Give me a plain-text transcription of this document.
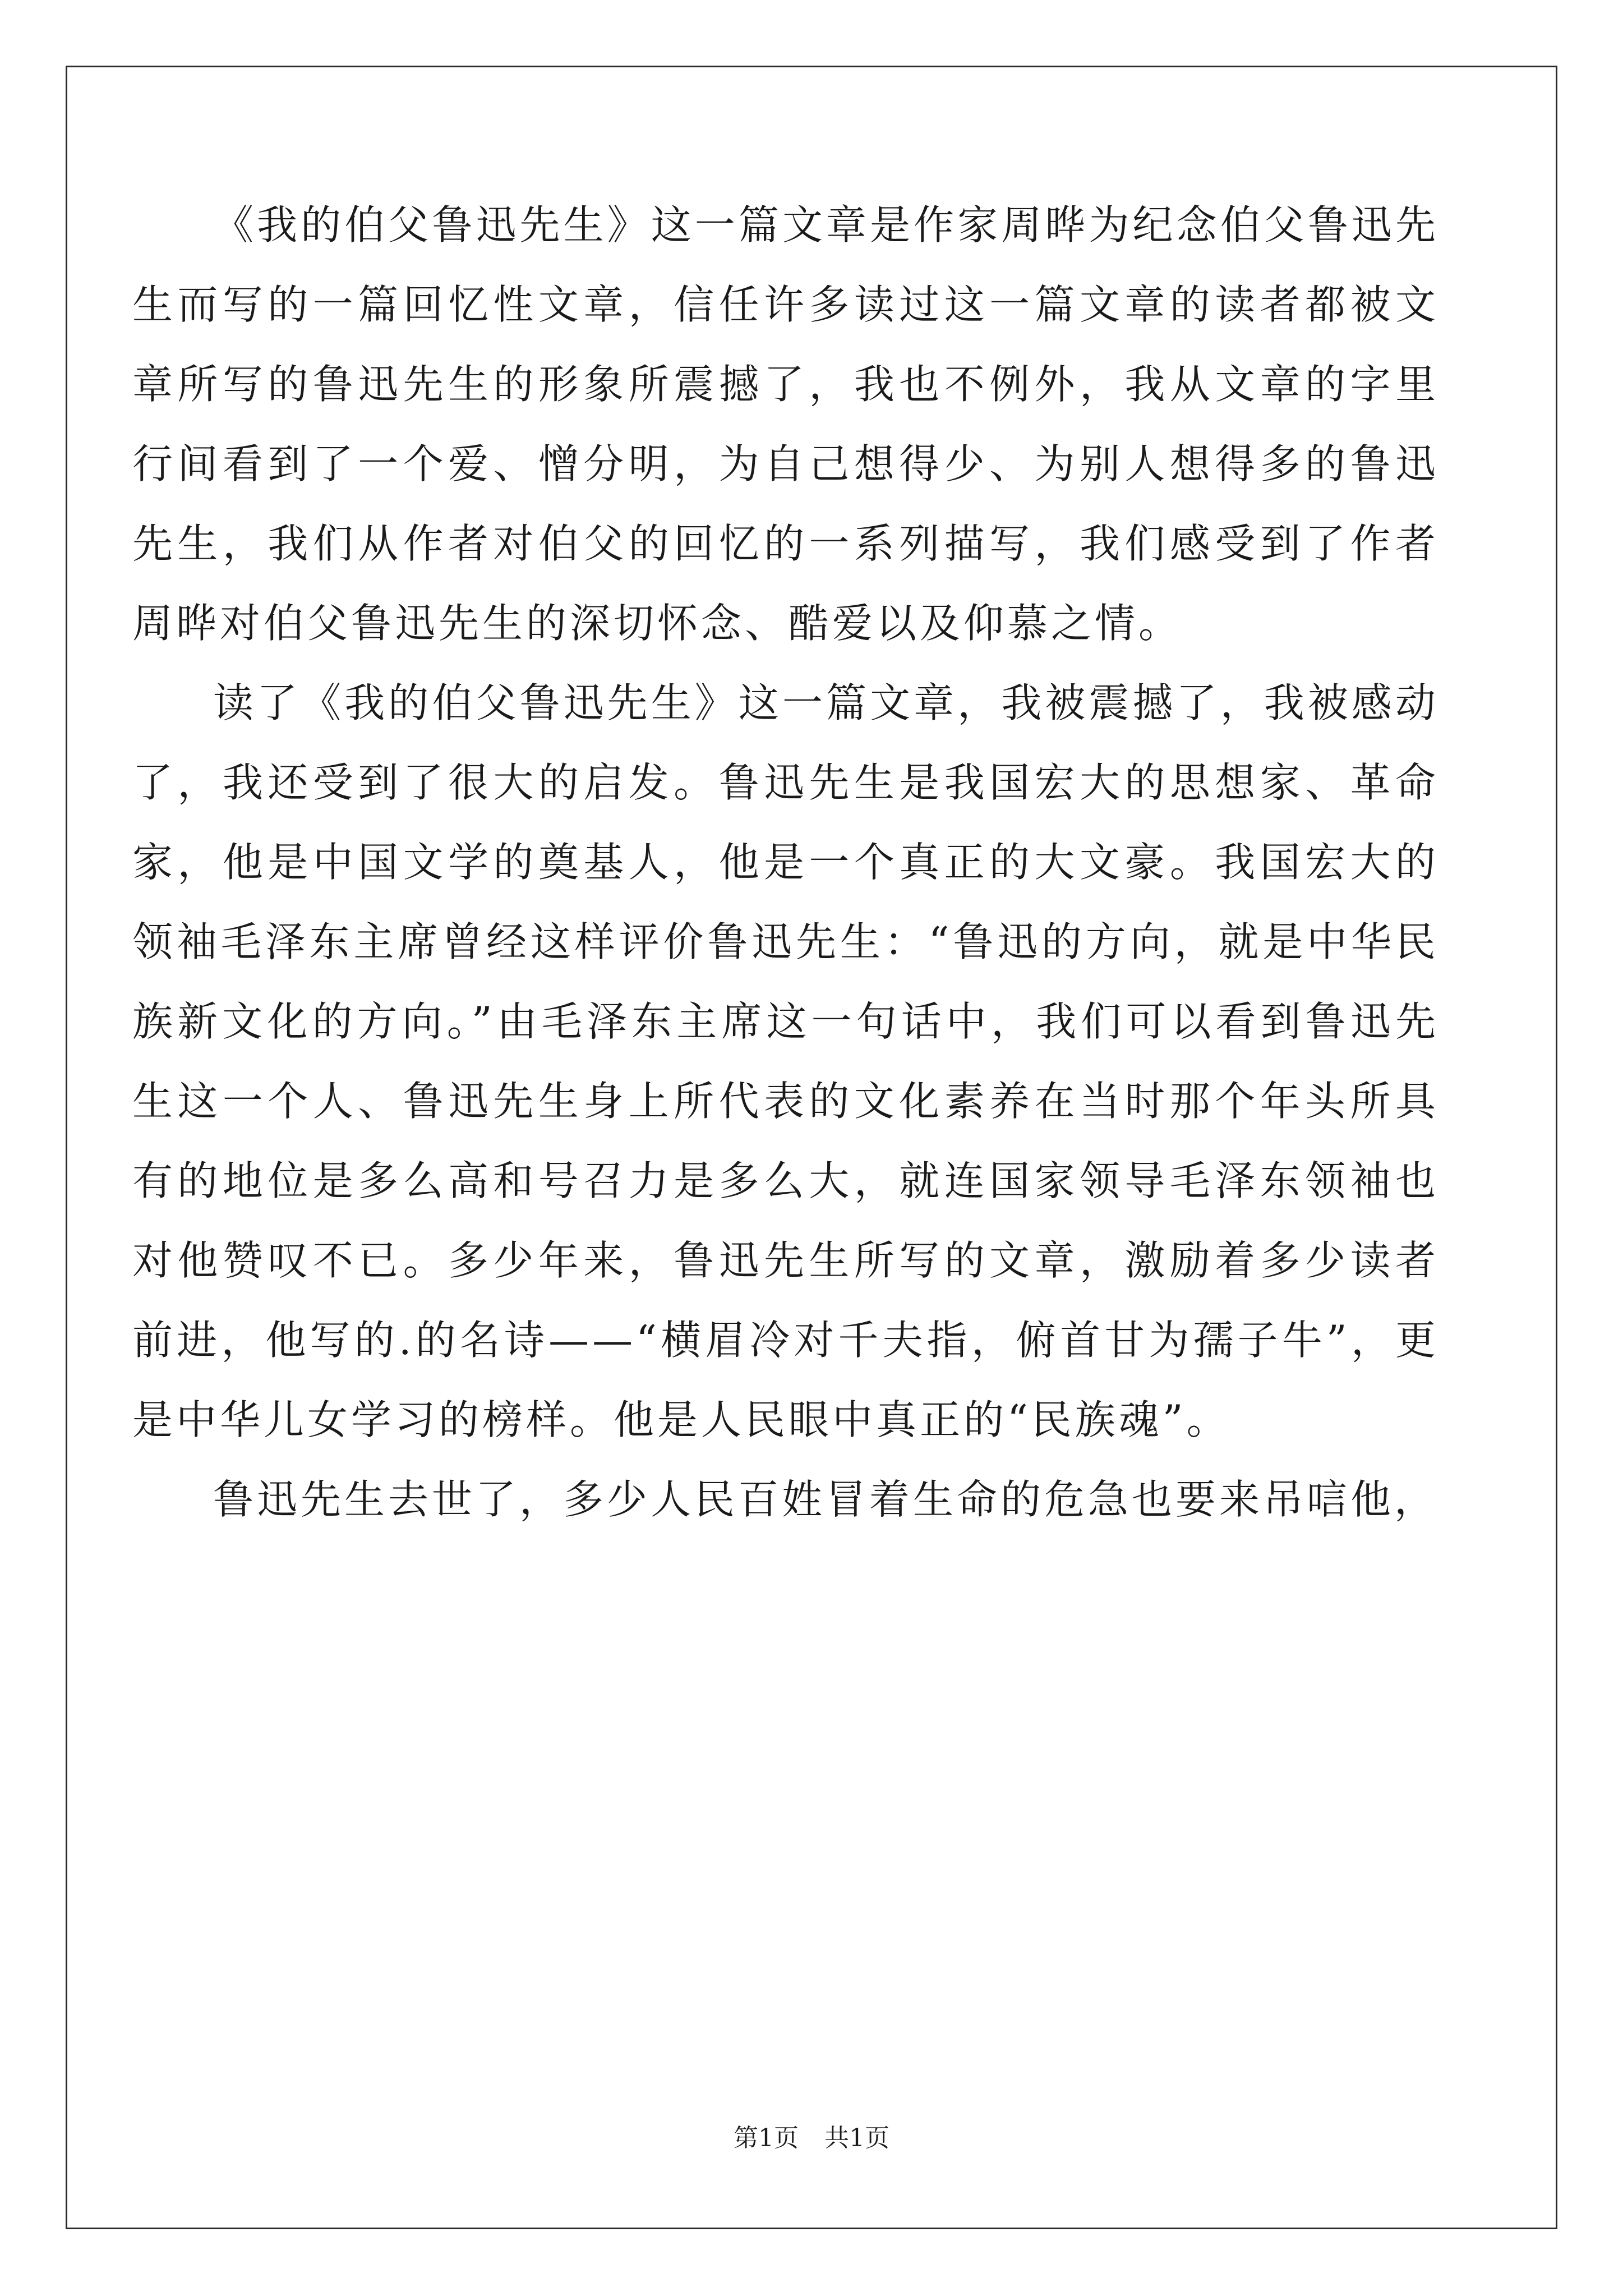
《我的伯父鲁迅先生》这一篇文章是作家周晔为纪念伯父鲁迅先生而写的一篇回忆性文章，信任许多读过这一篇文章的读者都被文章所写的鲁迅先生的形象所震撼了，我也不例外，我从文章的字里行间看到了一个爱、憎分明，为自己想得少、为别人想得多的鲁迅先生，我们从作者对伯父的回忆的一系列描写，我们感受到了作者周晔对伯父鲁迅先生的深切怀念、酷爱以及仰慕之情。

读了《我的伯父鲁迅先生》这一篇文章，我被震撼了，我被感动了，我还受到了很大的启发。鲁迅先生是我国宏大的思想家、革命家，他是中国文学的奠基人，他是一个真正的大文豪。我国宏大的领袖毛泽东主席曾经这样评价鲁迅先生：“鲁迅的方向，就是中华民族新文化的方向。”由毛泽东主席这一句话中，我们可以看到鲁迅先生这一个人、鲁迅先生身上所代表的文化素养在当时那个年头所具有的地位是多么高和号召力是多么大，就连国家领导毛泽东领袖也对他赞叹不已。多少年来，鲁迅先生所写的文章，激励着多少读者前进，他写的.的名诗——“横眉冷对千夫指，俯首甘为孺子牛”，更是中华儿女学习的榜样。他是人民眼中真正的“民族魂”。

鲁迅先生去世了，多少人民百姓冒着生命的危急也要来吊唁他，

第1页 共1页
